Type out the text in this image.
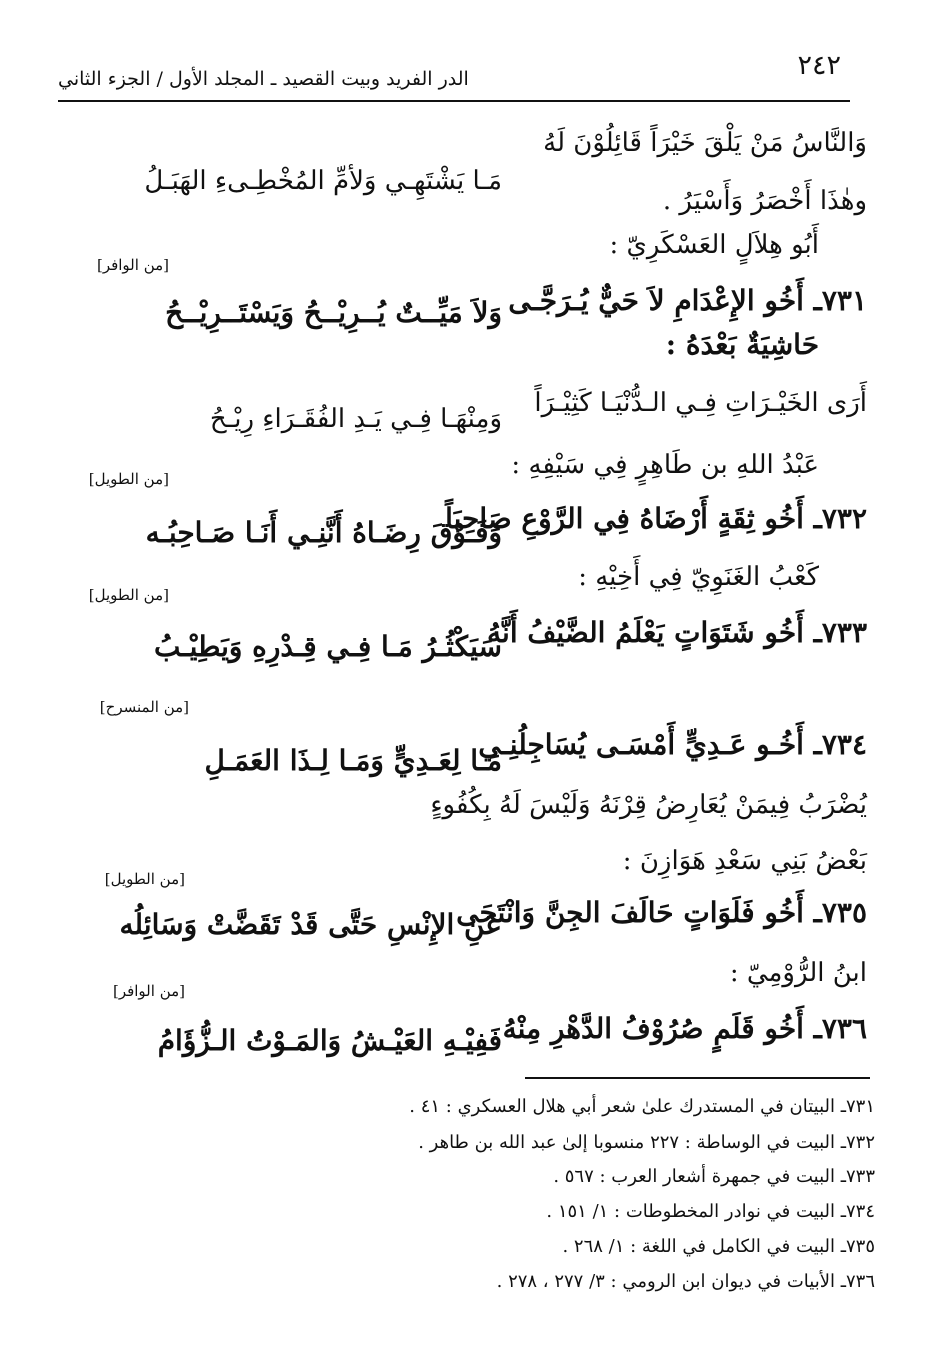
٢٤٢
الدر الفريد وبيت القصيد ـ المجلد الأول / الجزء الثاني
وَالنَّاسُ مَنْ يَلْقَ خَيْرَاً قَائِلُوْنَ لَهُ
مَـا يَشْتَهِـي وَلأمِّ المُخْطِـىءِ الهَبَـلُ
وهٰذَا أَخْصَرُ وَأَسْيَرُ .
أَبُو هِلاَلٍ العَسْكَرِيّ :
[من الوافر]
٧٣١ـ أَخُو الإِعْدَامِ لاَ حَيٌّ يُـرَجَّـى
وَلاَ مَيِّــتٌ يُــرِيْــحُ وَيَسْتَــرِيْــحُ
حَاشِيَةٌ بَعْدَهُ :
أَرَى الخَيْـرَاتِ فِـي الـدُّنْيَـا كَثِيْـرَاً
وَمِنْهَـا فِـي يَـدِ الفُقَـرَاءِ رِيْـحُ
عَبْدُ اللهِ بن طَاهِرٍ فِي سَيْفِهِ :
[من الطويل]
٧٣٢ـ أَخُو ثِقَةٍ أَرْضَاهُ فِي الرَّوْعِ صَاحِبَاً
وَفَـوْقَ رِضَـاهُ أَنَّنِـي أَنَـا صَـاحِبُـه
كَعْبُ الغَنَوِيّ فِي أَخِيْهِ :
[من الطويل]
٧٣٣ـ أَخُو شَتَوَاتٍ يَعْلَمُ الضَّيْفُ أَنَّهُ
سَيَكْثُـرُ مَـا فِـي قِـدْرِهِ وَيَطِيْـبُ
[من المنسرح]
٧٣٤ـ أَخُـو عَـدِيٍّ أَمْسَـى يُسَاجِلُنِـي
مَـا لِعَـدِيٍّ وَمَـا لِـذَا العَمَـلِ
يُضْرَبُ فِيمَنْ يُعَارِضُ قِرْنَهُ وَلَيْسَ لَهُ بِكُفُوءٍ
بَعْضُ بَنِي سَعْدِ هَوَازِنَ :
[من الطويل]
٧٣٥ـ أَخُو فَلَوَاتٍ حَالَفَ الجِنَّ وَانْتَحَى
عَنِ الإِنْسِ حَتَّى قَدْ تَقَضَّتْ وَسَائِلُه
ابنُ الرُّوْمِيّ :
[من الوافر]
٧٣٦ـ أَخُو قَلَمٍ صُرُوْفُ الدَّهْرِ مِنْهُ
فَفِيْـهِ العَيْـشُ وَالمَـوْتُ الـزُّؤَامُ
٧٣١ـ البيتان في المستدرك علىٰ شعر أبي هلال العسكري : ٤١ .
٧٣٢ـ البيت في الوساطة : ٢٢٧ منسوبا إلىٰ عبد الله بن طاهر .
٧٣٣ـ البيت في جمهرة أشعار العرب : ٥٦٧ .
٧٣٤ـ البيت في نوادر المخطوطات : ١/ ١٥١ .
٧٣٥ـ البيت في الكامل في اللغة : ١/ ٢٦٨ .
٧٣٦ـ الأبيات في ديوان ابن الرومي : ٣/ ٢٧٧ ، ٢٧٨ .
